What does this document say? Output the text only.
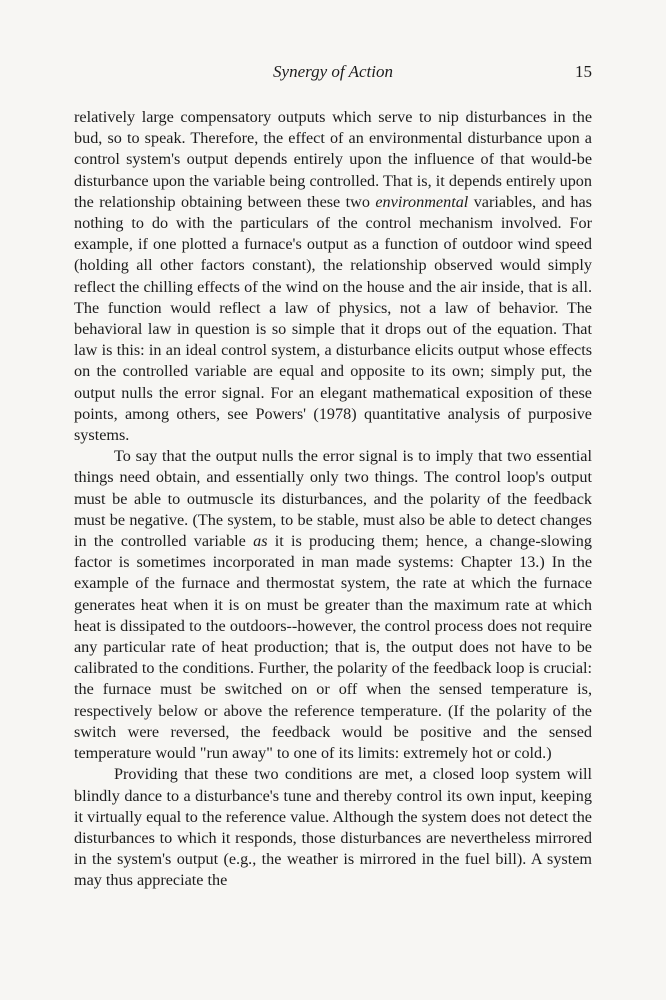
Synergy of Action	15

relatively large compensatory outputs which serve to nip disturbances in the bud, so to speak. Therefore, the effect of an environmental disturbance upon a control system's output depends entirely upon the influence of that would-be disturbance upon the variable being controlled. That is, it depends entirely upon the relationship obtaining between these two environmental variables, and has nothing to do with the particulars of the control mechanism involved. For example, if one plotted a furnace's output as a function of outdoor wind speed (holding all other factors constant), the relationship observed would simply reflect the chilling effects of the wind on the house and the air inside, that is all. The function would reflect a law of physics, not a law of behavior. The behavioral law in question is so simple that it drops out of the equation. That law is this: in an ideal control system, a disturbance elicits output whose effects on the controlled variable are equal and opposite to its own; simply put, the output nulls the error signal. For an elegant mathematical exposition of these points, among others, see Powers' (1978) quantitative analysis of purposive systems.

To say that the output nulls the error signal is to imply that two essential things need obtain, and essentially only two things. The control loop's output must be able to outmuscle its disturbances, and the polarity of the feedback must be negative. (The system, to be stable, must also be able to detect changes in the controlled variable as it is producing them; hence, a change-slowing factor is sometimes incorporated in man made systems: Chapter 13.) In the example of the furnace and thermostat system, the rate at which the furnace generates heat when it is on must be greater than the maximum rate at which heat is dissipated to the outdoors--however, the control process does not require any particular rate of heat production; that is, the output does not have to be calibrated to the conditions. Further, the polarity of the feedback loop is crucial: the furnace must be switched on or off when the sensed temperature is, respectively below or above the reference temperature. (If the polarity of the switch were reversed, the feedback would be positive and the sensed temperature would "run away" to one of its limits: extremely hot or cold.)

Providing that these two conditions are met, a closed loop system will blindly dance to a disturbance's tune and thereby control its own input, keeping it virtually equal to the reference value. Although the system does not detect the disturbances to which it responds, those disturbances are nevertheless mirrored in the system's output (e.g., the weather is mirrored in the fuel bill). A system may thus appreciate the
